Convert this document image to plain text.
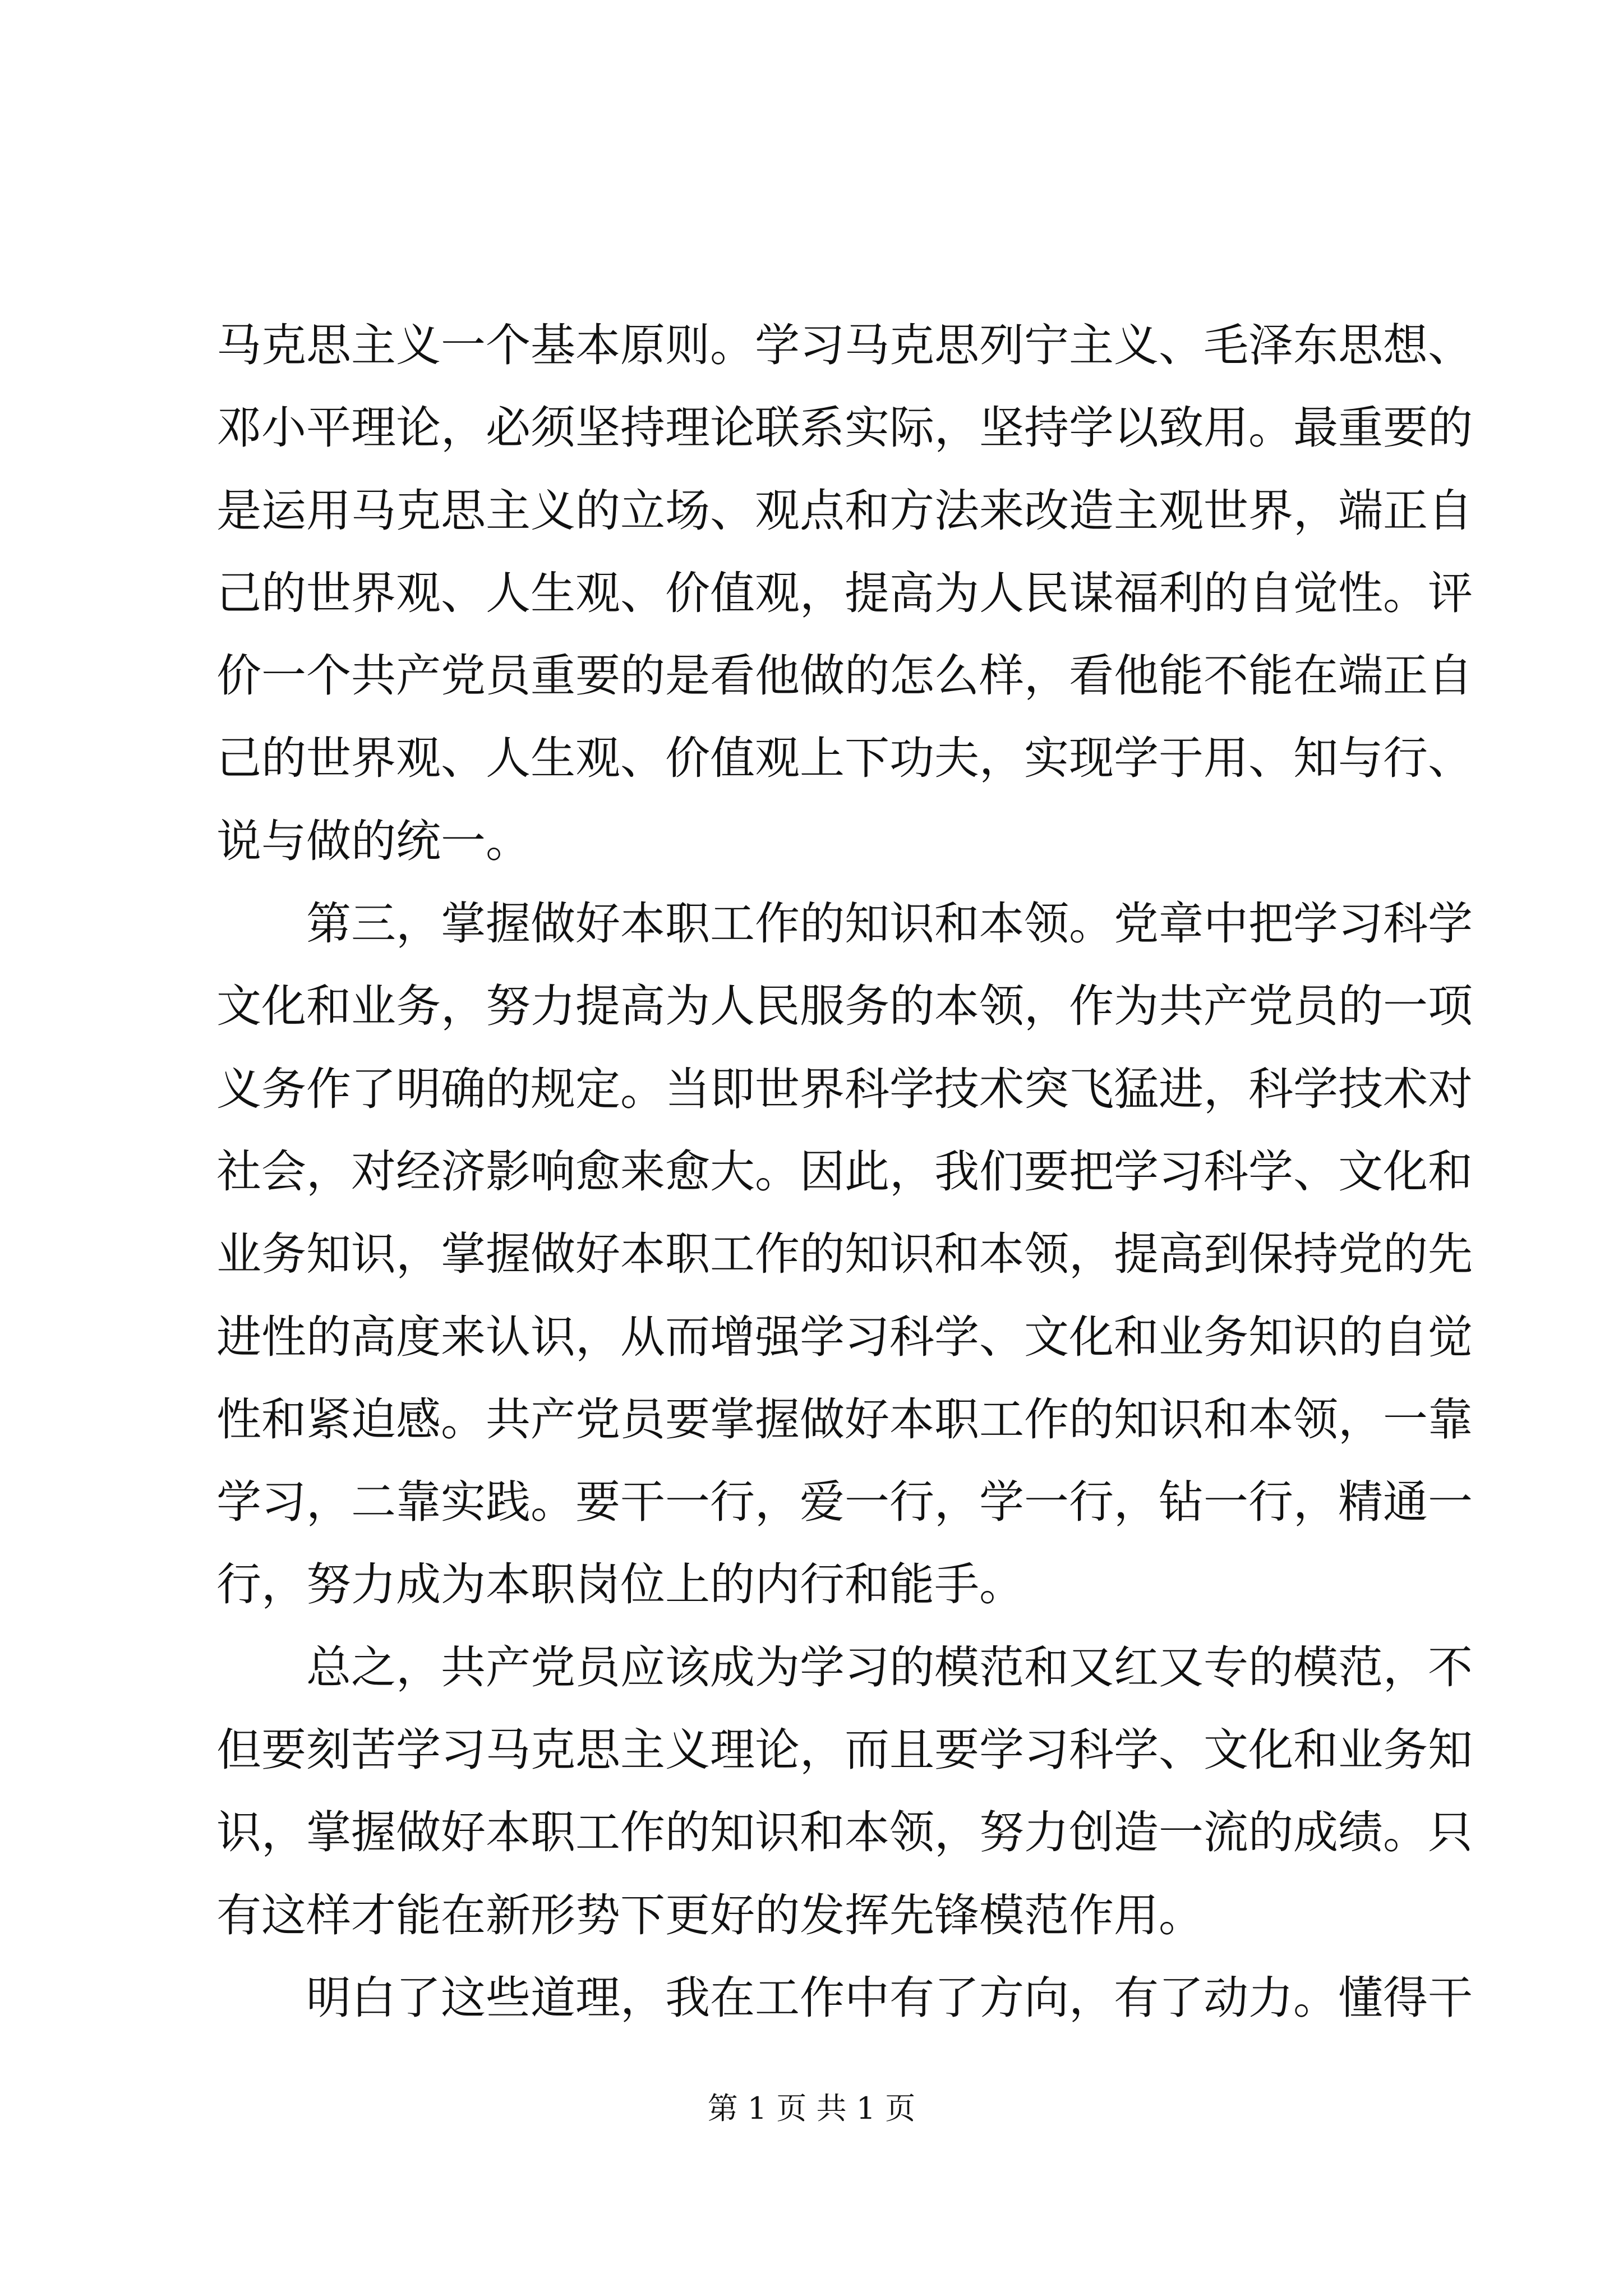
马克思主义一个基本原则。学习马克思列宁主义、毛泽东思想、
邓小平理论，必须坚持理论联系实际，坚持学以致用。最重要的
是运用马克思主义的立场、观点和方法来改造主观世界，端正自
己的世界观、人生观、价值观，提高为人民谋福利的自觉性。评
价一个共产党员重要的是看他做的怎么样，看他能不能在端正自
己的世界观、人生观、价值观上下功夫，实现学于用、知与行、
说与做的统一。
第三，掌握做好本职工作的知识和本领。党章中把学习科学
文化和业务，努力提高为人民服务的本领，作为共产党员的一项
义务作了明确的规定。当即世界科学技术突飞猛进，科学技术对
社会，对经济影响愈来愈大。因此，我们要把学习科学、文化和
业务知识，掌握做好本职工作的知识和本领，提高到保持党的先
进性的高度来认识，从而增强学习科学、文化和业务知识的自觉
性和紧迫感。共产党员要掌握做好本职工作的知识和本领，一靠
学习，二靠实践。要干一行，爱一行，学一行，钻一行，精通一
行，努力成为本职岗位上的内行和能手。
总之，共产党员应该成为学习的模范和又红又专的模范，不
但要刻苦学习马克思主义理论，而且要学习科学、文化和业务知
识，掌握做好本职工作的知识和本领，努力创造一流的成绩。只
有这样才能在新形势下更好的发挥先锋模范作用。
明白了这些道理，我在工作中有了方向，有了动力。懂得干
第 1 页 共 1 页
